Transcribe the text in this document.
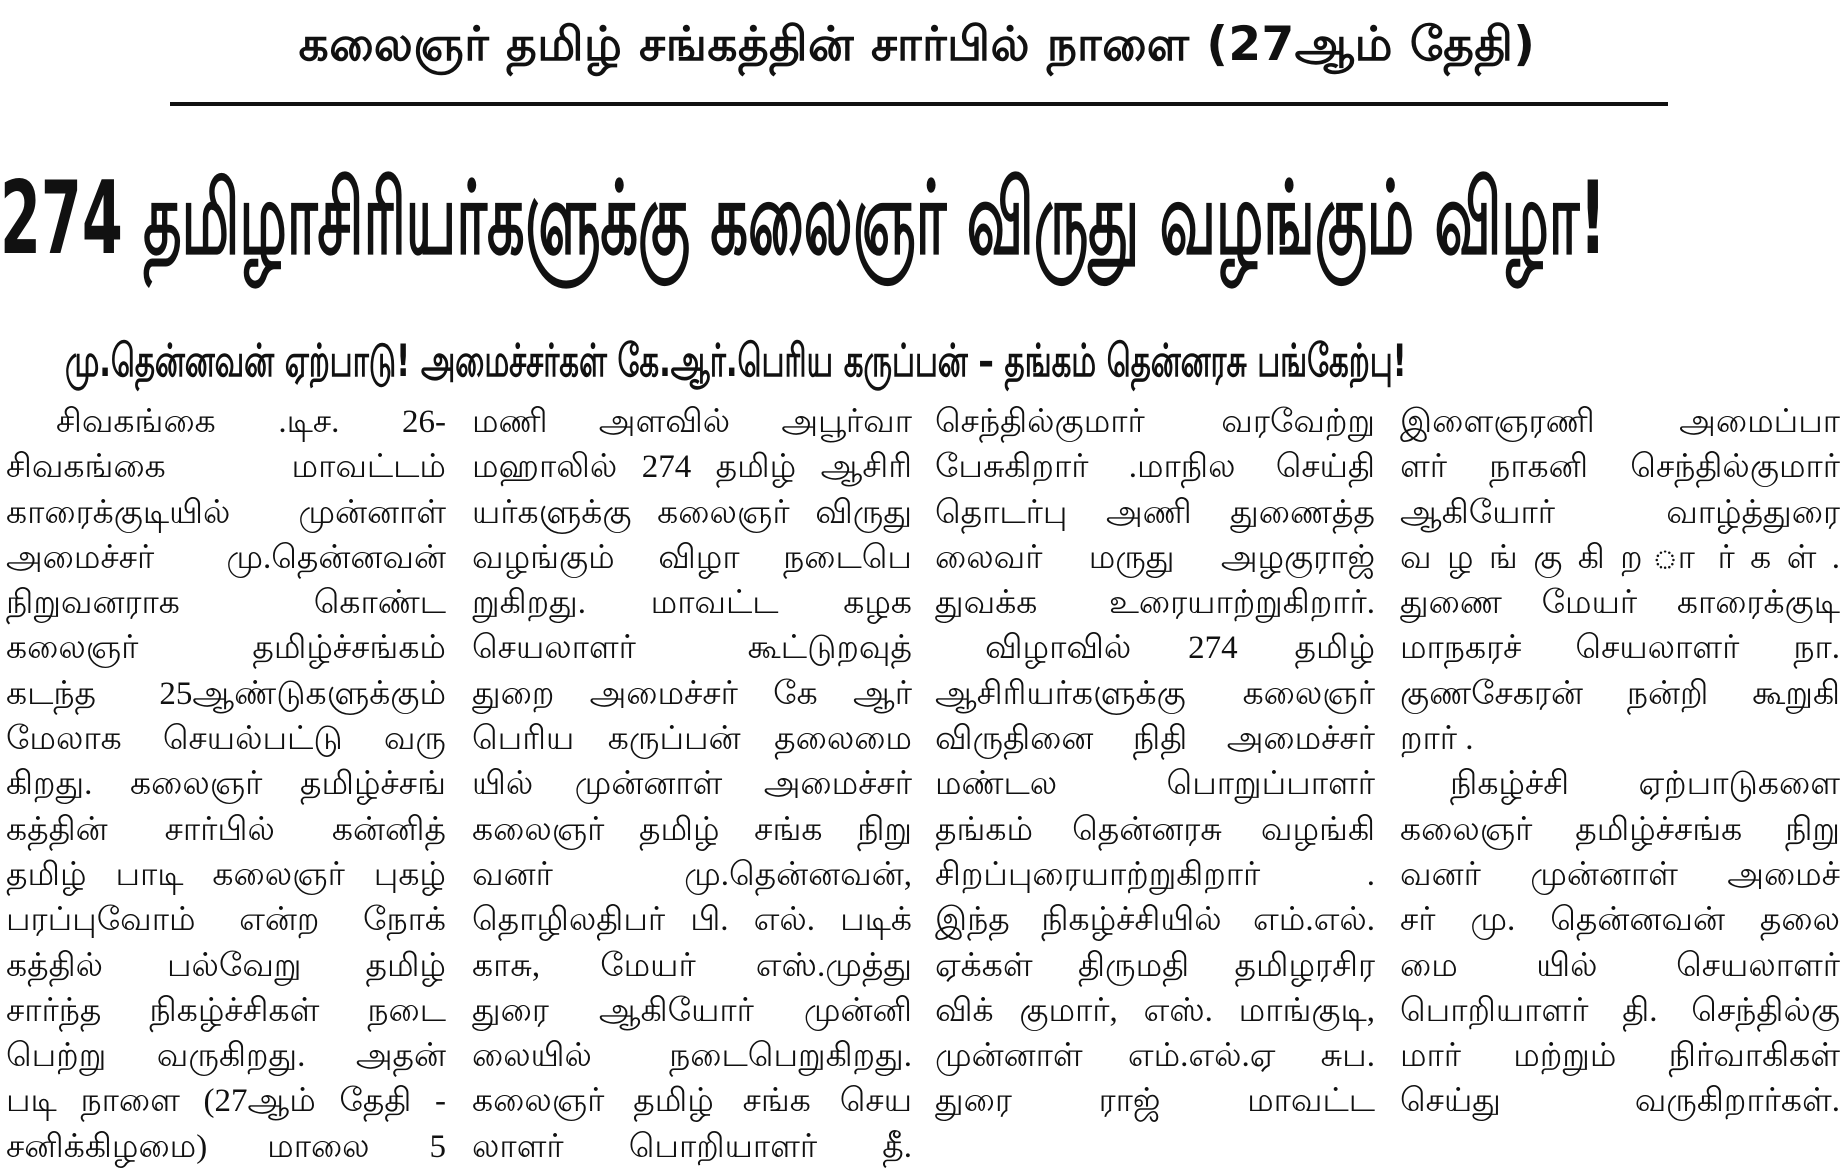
கலைஞர் தமிழ் சங்கத்தின் சார்பில் நாளை (27ஆம் தேதி)
274 தமிழாசிரியர்களுக்கு கலைஞர் விருது வழங்கும் விழா!
மு.தென்னவன் ஏற்பாடு! அமைச்சர்கள் கே.ஆர்.பெரிய கருப்பன் – தங்கம் தென்னரசு பங்கேற்பு!
சிவகங்கை .டிச. 26-
சிவகங்கை மாவட்டம்
காரைக்குடியில் முன்னாள்
அமைச்சர் மு.தென்னவன்
நிறுவனராக கொண்ட
கலைஞர் தமிழ்ச்சங்கம்
கடந்த 25ஆண்டுகளுக்கும்
மேலாக செயல்பட்டு வரு
கிறது. கலைஞர் தமிழ்ச்சங்
கத்தின் சார்பில் கன்னித்
தமிழ் பாடி கலைஞர் புகழ்
பரப்புவோம் என்ற நோக்
கத்தில் பல்வேறு தமிழ்
சார்ந்த நிகழ்ச்சிகள் நடை
பெற்று வருகிறது. அதன்
படி நாளை (27ஆம் தேதி -
சனிக்கிழமை) மாலை 5
மணி அளவில் அபூர்வா
மஹாலில் 274 தமிழ் ஆசிரி
யர்களுக்கு கலைஞர் விருது
வழங்கும் விழா நடைபெ
றுகிறது. மாவட்ட கழக
செயலாளர் கூட்டுறவுத்
துறை அமைச்சர் கே ஆர்
பெரிய கருப்பன் தலைமை
யில் முன்னாள் அமைச்சர்
கலைஞர் தமிழ் சங்க நிறு
வனர் மு.தென்னவன்,
தொழிலதிபர் பி. எல். படிக்
காசு, மேயர் எஸ்.முத்து
துரை ஆகியோர் முன்னி
லையில் நடைபெறுகிறது.
கலைஞர் தமிழ் சங்க செய
லாளர் பொறியாளர் தீ.
செந்தில்குமார் வரவேற்று
பேசுகிறார் .மாநில செய்தி
தொடர்பு அணி துணைத்த
லைவர் மருது அழகுராஜ்
துவக்க உரையாற்றுகிறார்.
விழாவில் 274 தமிழ்
ஆசிரியர்களுக்கு கலைஞர்
விருதினை நிதி அமைச்சர்
மண்டல பொறுப்பாளர்
தங்கம் தென்னரசு வழங்கி
சிறப்புரையாற்றுகிறார் .
இந்த நிகழ்ச்சியில் எம்.எல்.
ஏக்கள் திருமதி தமிழரசிர
விக் குமார், எஸ். மாங்குடி,
முன்னாள் எம்.எல்.ஏ சுப.
துரை ராஜ் மாவட்ட
இளைஞரணி அமைப்பா
ளர் நாகனி செந்தில்குமார்
ஆகியோர் வாழ்த்துரை
வ ழ ங் கு கி ற ா ர் க ள் .
துணை மேயர் காரைக்குடி
மாநகரச் செயலாளர் நா.
குணசேகரன் நன்றி கூறுகி
றார் .
நிகழ்ச்சி ஏற்பாடுகளை
கலைஞர் தமிழ்ச்சங்க நிறு
வனர் முன்னாள் அமைச்
சர் மு. தென்னவன் தலை
மை யில் செயலாளர்
பொறியாளர் தி. செந்தில்கு
மார் மற்றும் நிர்வாகிகள்
செய்து வருகிறார்கள்.
